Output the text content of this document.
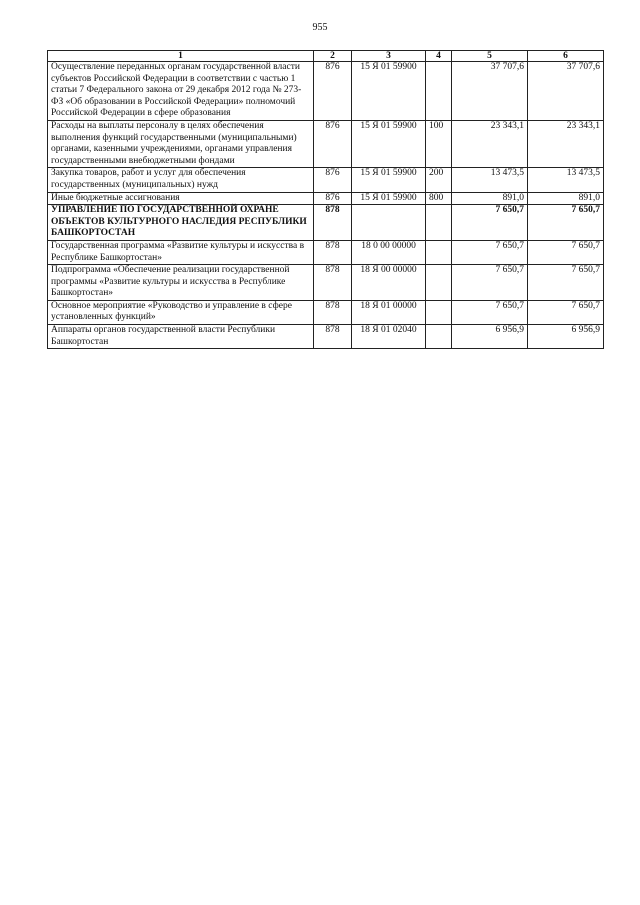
955
1	2	3	4	5	6
Осуществление переданных органам государственной власти субъектов Российской Федерации в соответствии с частью 1 статьи 7 Федерального закона от 29 декабря 2012 года № 273-ФЗ «Об образовании в Российской Федерации» полномочий Российской Федерации в сфере образования	876	15 Я 01 59900		37 707,6	37 707,6
Расходы на выплаты персоналу в целях обеспечения выполнения функций государственными (муниципальными) органами, казенными учреждениями, органами управления государственными внебюджетными фондами	876	15 Я 01 59900	100	23 343,1	23 343,1
Закупка товаров, работ и услуг для обеспечения государственных (муниципальных) нужд	876	15 Я 01 59900	200	13 473,5	13 473,5
Иные бюджетные ассигнования	876	15 Я 01 59900	800	891,0	891,0
УПРАВЛЕНИЕ ПО ГОСУДАРСТВЕННОЙ ОХРАНЕ ОБЪЕКТОВ КУЛЬТУРНОГО НАСЛЕДИЯ РЕСПУБЛИКИ БАШКОРТОСТАН	878			7 650,7	7 650,7
Государственная программа «Развитие культуры и искусства в Республике Башкортостан»	878	18 0 00 00000		7 650,7	7 650,7
Подпрограмма «Обеспечение реализации государственной программы «Развитие культуры и искусства в Республике Башкортостан»	878	18 Я 00 00000		7 650,7	7 650,7
Основное мероприятие «Руководство и управление в сфере установленных функций»	878	18 Я 01 00000		7 650,7	7 650,7
Аппараты органов государственной власти Республики Башкортостан	878	18 Я 01 02040		6 956,9	6 956,9
